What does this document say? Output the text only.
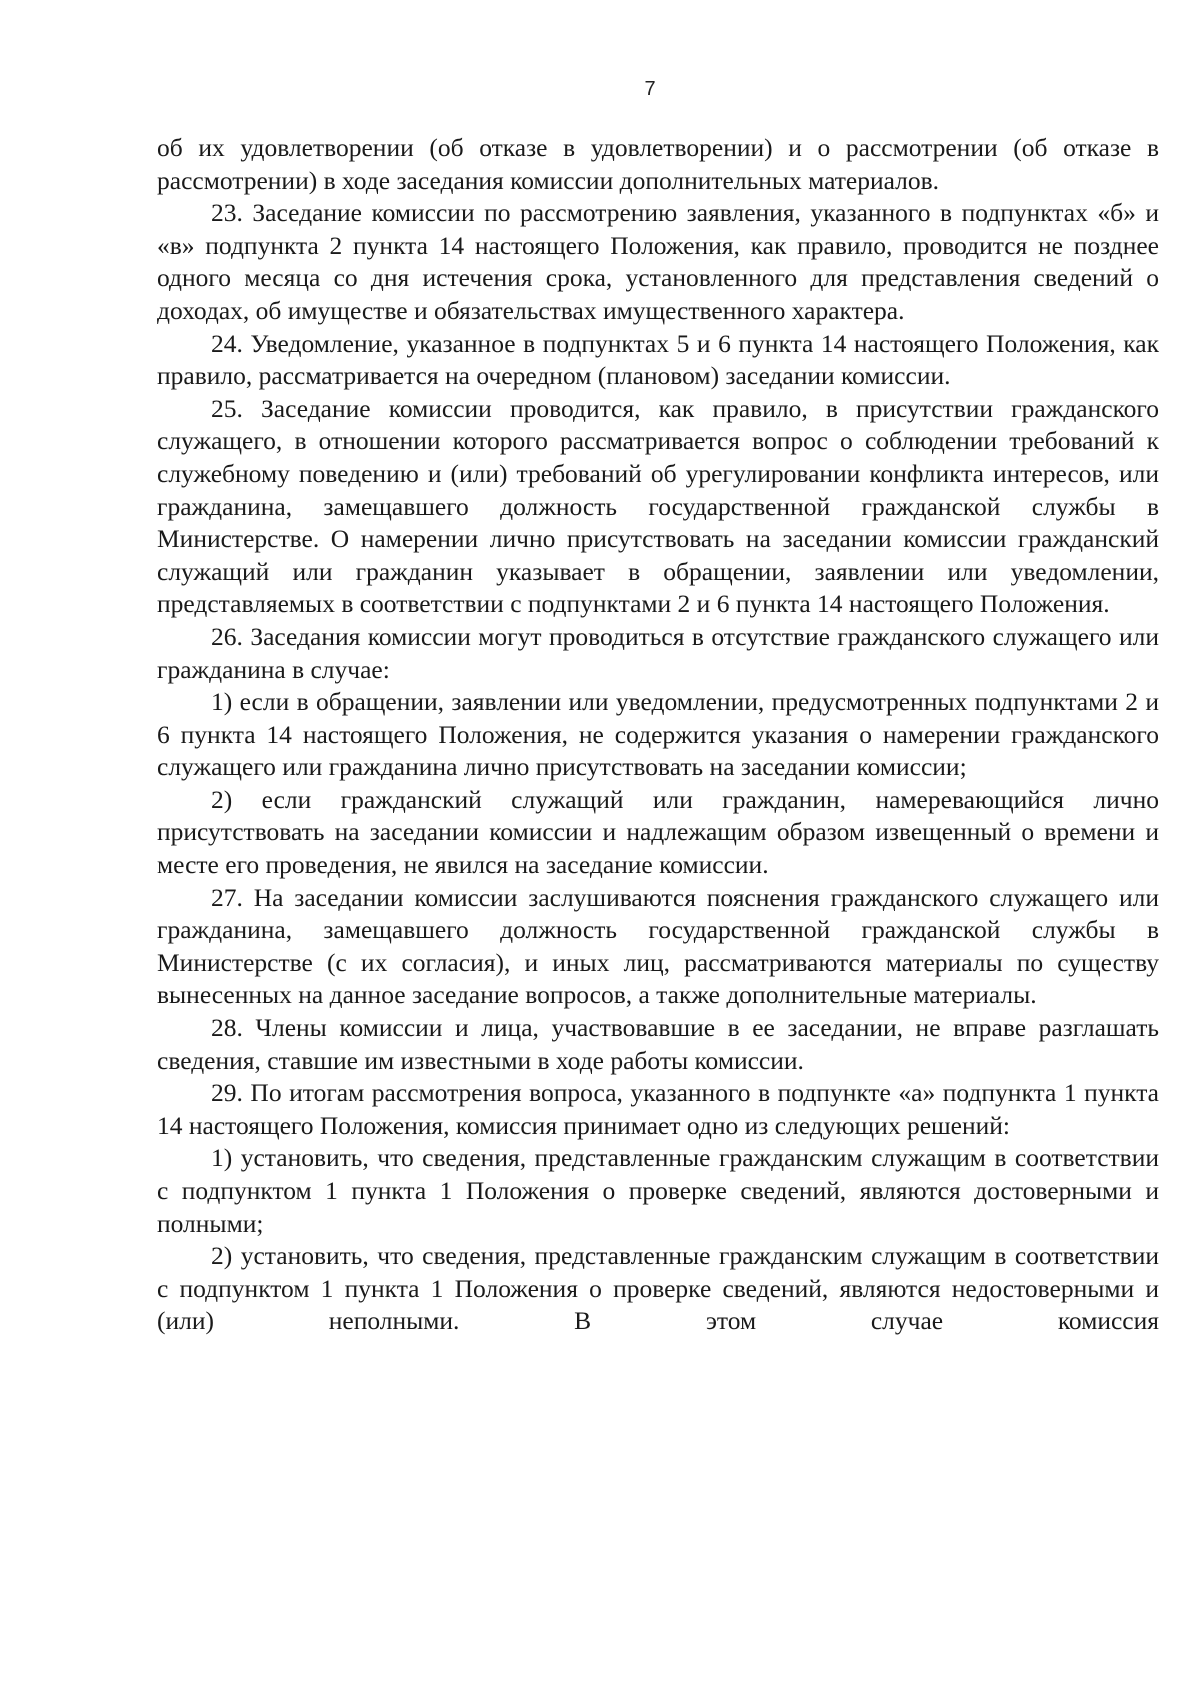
7

об их удовлетворении (об отказе в удовлетворении) и о рассмотрении (об отказе в рассмотрении) в ходе заседания комиссии дополнительных материалов.

23. Заседание комиссии по рассмотрению заявления, указанного в подпунктах «б» и «в» подпункта 2 пункта 14 настоящего Положения, как правило, проводится не позднее одного месяца со дня истечения срока, установленного для представления сведений о доходах, об имуществе и обязательствах имущественного характера.

24. Уведомление, указанное в подпунктах 5 и 6 пункта 14 настоящего Положения, как правило, рассматривается на очередном (плановом) заседании комиссии.

25. Заседание комиссии проводится, как правило, в присутствии гражданского служащего, в отношении которого рассматривается вопрос о соблюдении требований к служебному поведению и (или) требований об урегулировании конфликта интересов, или гражданина, замещавшего должность государственной гражданской службы в Министерстве. О намерении лично присутствовать на заседании комиссии гражданский служащий или гражданин указывает в обращении, заявлении или уведомлении, представляемых в соответствии с подпунктами 2 и 6 пункта 14 настоящего Положения.

26. Заседания комиссии могут проводиться в отсутствие гражданского служащего или гражданина в случае:

1) если в обращении, заявлении или уведомлении, предусмотренных подпунктами 2 и 6 пункта 14 настоящего Положения, не содержится указания о намерении гражданского служащего или гражданина лично присутствовать на заседании комиссии;

2) если гражданский служащий или гражданин, намеревающийся лично присутствовать на заседании комиссии и надлежащим образом извещенный о времени и месте его проведения, не явился на заседание комиссии.

27. На заседании комиссии заслушиваются пояснения гражданского служащего или гражданина, замещавшего должность государственной гражданской службы в Министерстве (с их согласия), и иных лиц, рассматриваются материалы по существу вынесенных на данное заседание вопросов, а также дополнительные материалы.

28. Члены комиссии и лица, участвовавшие в ее заседании, не вправе разглашать сведения, ставшие им известными в ходе работы комиссии.

29. По итогам рассмотрения вопроса, указанного в подпункте «а» подпункта 1 пункта 14 настоящего Положения, комиссия принимает одно из следующих решений:

1) установить, что сведения, представленные гражданским служащим в соответствии с подпунктом 1 пункта 1 Положения о проверке сведений, являются достоверными и полными;

2) установить, что сведения, представленные гражданским служащим в соответствии с подпунктом 1 пункта 1 Положения о проверке сведений, являются недостоверными и (или) неполными. В этом случае комиссия
